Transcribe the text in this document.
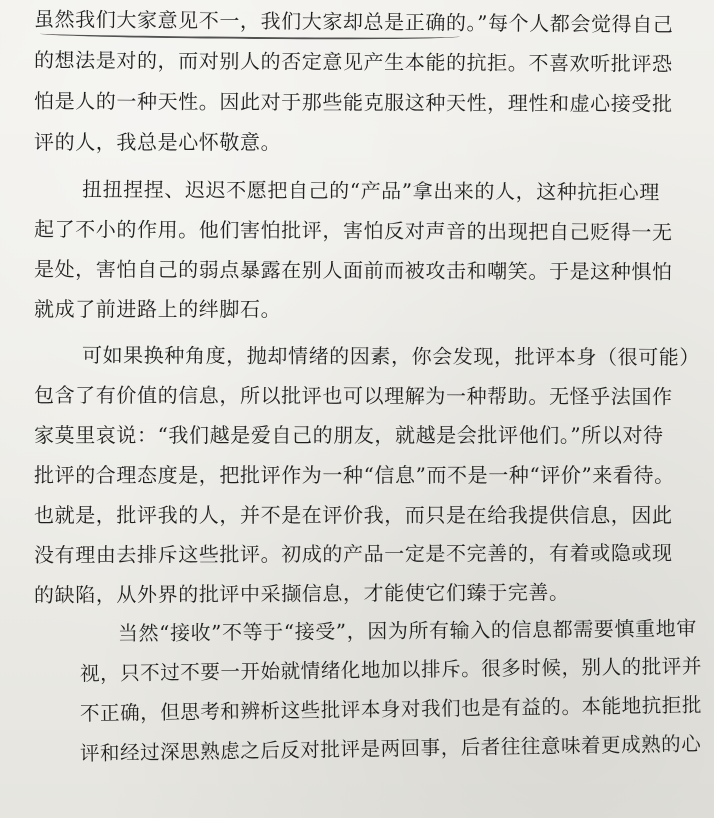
虽然我们大家意见不一，我们大家却总是正确的。”每个人都会觉得自己
的想法是对的，而对别人的否定意见产生本能的抗拒。不喜欢听批评恐
怕是人的一种天性。因此对于那些能克服这种天性，理性和虚心接受批
评的人，我总是心怀敬意。
扭扭捏捏、迟迟不愿把自己的“产品”拿出来的人，这种抗拒心理
起了不小的作用。他们害怕批评，害怕反对声音的出现把自己贬得一无
是处，害怕自己的弱点暴露在别人面前而被攻击和嘲笑。于是这种惧怕
就成了前进路上的绊脚石。
可如果换种角度，抛却情绪的因素，你会发现，批评本身（很可能）
包含了有价值的信息，所以批评也可以理解为一种帮助。无怪乎法国作
家莫里哀说：“我们越是爱自己的朋友，就越是会批评他们。”所以对待
批评的合理态度是，把批评作为一种“信息”而不是一种“评价”来看待。
也就是，批评我的人，并不是在评价我，而只是在给我提供信息，因此
没有理由去排斥这些批评。初成的产品一定是不完善的，有着或隐或现
的缺陷，从外界的批评中采撷信息，才能使它们臻于完善。
当然“接收”不等于“接受”，因为所有输入的信息都需要慎重地审
视，只不过不要一开始就情绪化地加以排斥。很多时候，别人的批评并
不正确，但思考和辨析这些批评本身对我们也是有益的。本能地抗拒批
评和经过深思熟虑之后反对批评是两回事，后者往往意味着更成熟的心
